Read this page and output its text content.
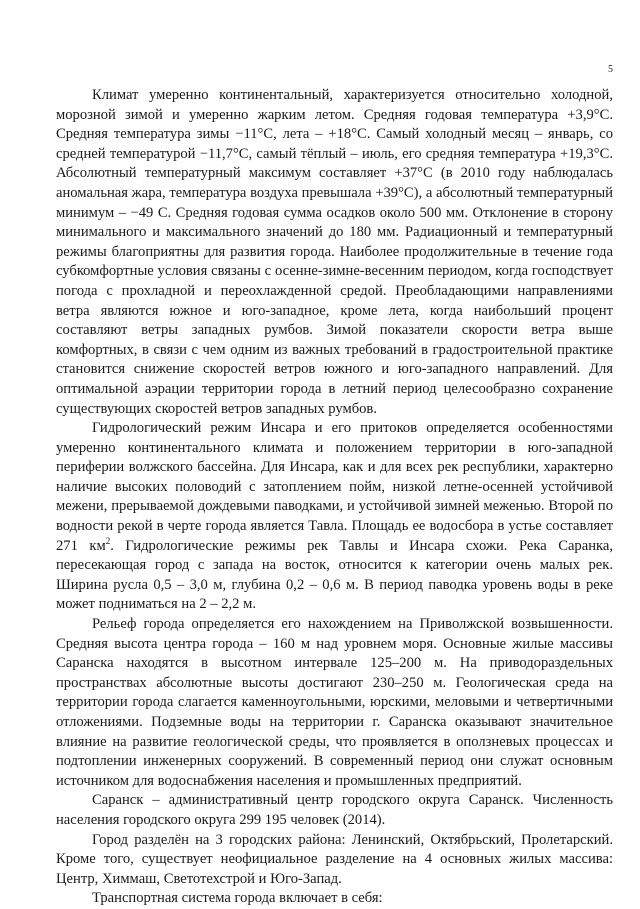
5

Климат умеренно континентальный, характеризуется относительно холодной, морозной зимой и умеренно жарким летом. Средняя годовая температура +3,9°С. Средняя температура зимы −11°С, лета – +18°С. Самый холодный месяц – январь, со средней температурой −11,7°С, самый тёплый – июль, его средняя температура +19,3°С. Абсолютный температурный максимум составляет +37°С (в 2010 году наблюдалась аномальная жара, температура воздуха превышала +39°С), а абсолютный температурный минимум – −49 С. Средняя годовая сумма осадков около 500 мм. Отклонение в сторону минимального и максимального значений до 180 мм. Радиационный и температурный режимы благоприятны для развития города. Наиболее продолжительные в течение года субкомфортные условия связаны с осенне-зимне-весенним периодом, когда господствует погода с прохладной и переохлажденной средой. Преобладающими направлениями ветра являются южное и юго-западное, кроме лета, когда наибольший процент составляют ветры западных румбов. Зимой показатели скорости ветра выше комфортных, в связи с чем одним из важных требований в градостроительной практике становится снижение скоростей ветров южного и юго-западного направлений. Для оптимальной аэрации территории города в летний период целесообразно сохранение существующих скоростей ветров западных румбов.

Гидрологический режим Инсара и его притоков определяется особенностями умеренно континентального климата и положением территории в юго-западной периферии волжского бассейна. Для Инсара, как и для всех рек республики, характерно наличие высоких половодий с затоплением пойм, низкой летне-осенней устойчивой межени, прерываемой дождевыми паводками, и устойчивой зимней меженью. Второй по водности рекой в черте города является Тавла. Площадь ее водосбора в устье составляет 271 $км^2$. Гидрологические режимы рек Тавлы и Инсара схожи. Река Саранка, пересекающая город с запада на восток, относится к категории очень малых рек. Ширина русла 0,5 – 3,0 м, глубина 0,2 – 0,6 м. В период паводка уровень воды в реке может подниматься на 2 – 2,2 м.

Рельеф города определяется его нахождением на Приволжской возвышенности. Средняя высота центра города – 160 м над уровнем моря. Основные жилые массивы Саранска находятся в высотном интервале 125–200 м. На приводораздельных пространствах абсолютные высоты достигают 230–250 м. Геологическая среда на территории города слагается каменноугольными, юрскими, меловыми и четвертичными отложениями. Подземные воды на территории г. Саранска оказывают значительное влияние на развитие геологической среды, что проявляется в оползневых процессах и подтоплении инженерных сооружений. В современный период они служат основным источником для водоснабжения населения и промышленных предприятий.

Саранск – административный центр городского округа Саранск. Численность населения городского округа 299 195 человек (2014).

Город разделён на 3 городских района: Ленинский, Октябрьский, Пролетарский. Кроме того, существует неофициальное разделение на 4 основных жилых массива: Центр, Химмаш, Светотехстрой и Юго-Запад.

Транспортная система города включает в себя:
